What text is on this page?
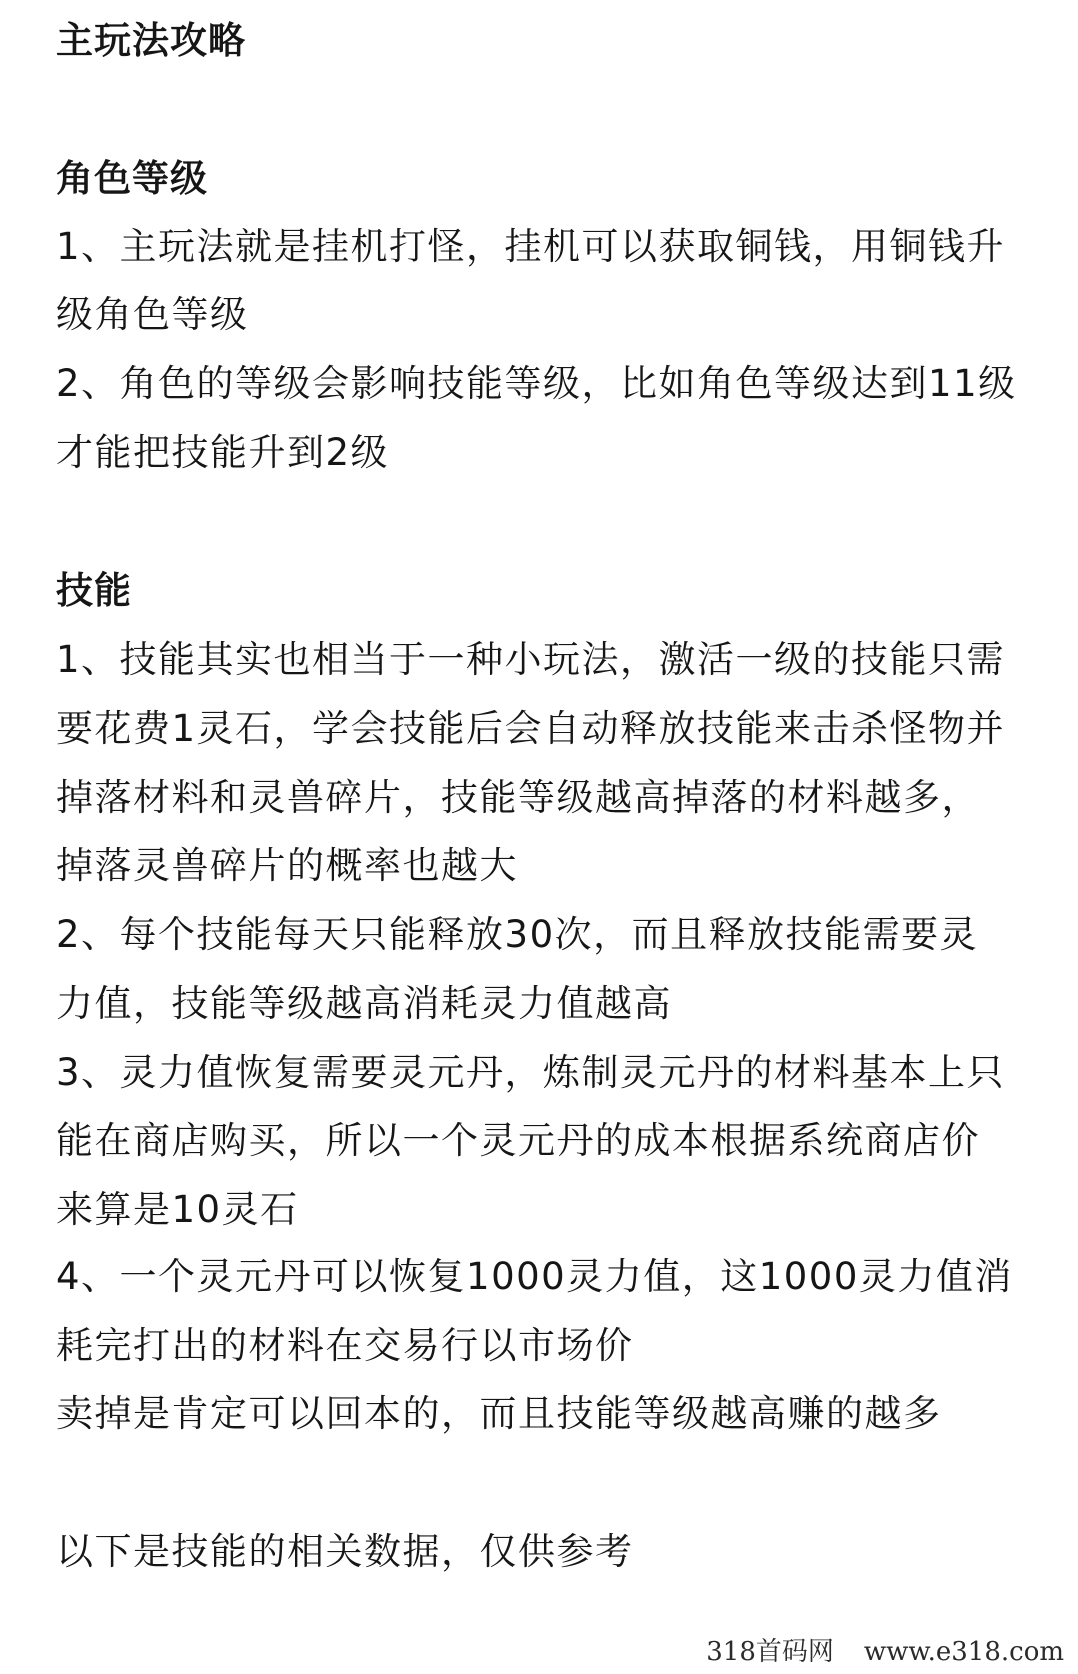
主玩法攻略
角色等级
1、主玩法就是挂机打怪，挂机可以获取铜钱，用铜钱升
级角色等级
2、角色的等级会影响技能等级，比如角色等级达到11级
才能把技能升到2级
技能
1、技能其实也相当于一种小玩法，激活一级的技能只需
要花费1灵石，学会技能后会自动释放技能来击杀怪物并
掉落材料和灵兽碎片，技能等级越高掉落的材料越多，
掉落灵兽碎片的概率也越大
2、每个技能每天只能释放30次，而且释放技能需要灵
力值，技能等级越高消耗灵力值越高
3、灵力值恢复需要灵元丹，炼制灵元丹的材料基本上只
能在商店购买，所以一个灵元丹的成本根据系统商店价
来算是10灵石
4、一个灵元丹可以恢复1000灵力值，这1000灵力值消
耗完打出的材料在交易行以市场价
卖掉是肯定可以回本的，而且技能等级越高赚的越多
以下是技能的相关数据，仅供参考
318首码网 www.e318.com
